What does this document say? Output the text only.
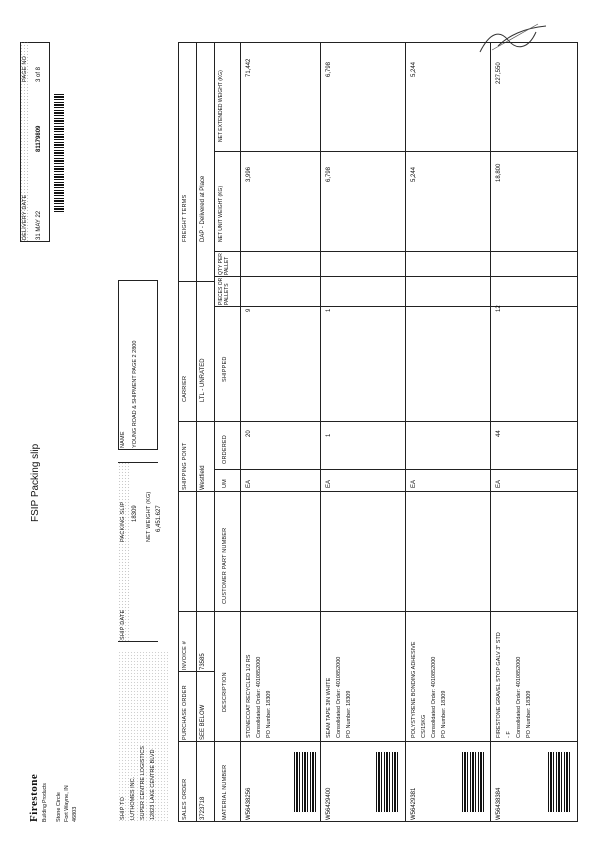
FSIP Packing slip
Firestone Building Products Stone Circle Fort Wayne, IN 46803	SHIP TO LUTHOMES INC. SUPER CENTRE LOGISTICS 12823 LAKE CENTRE BLVD
SHIP DATE
PACKING SLIP 18309 NET WEIGHT (KG) 6,451.627
NAME YOUNG ROAD & SHIPMENT PAGE 2 2800
DELIVERY DATE 31 MAY 22
81179809
PAGE NO 3 of 8
SALES ORDER 3723718
PURCHASE ORDER SEE BELOW
INVOICE # 73585
SHIPPING POINT Westfield
CARRIER LTL - UNRATED
FREIGHT TERMS DAP - Delivered at Place
MATERIAL NUMBER
DESCRIPTION
CUSTOMER PART NUMBER
UM
ORDERED
SHIPPED
PIECES OR PALLETS
QTY PER PALLET
NET UNIT WEIGHT (KG)
NET EXTENDED WEIGHT (KG)
W56438256
STONECOAT RECYCLED 1/2 RS Consolidated Order: 4010852000 PO Number: 18309
EA
20
9
3,996
71,442
W56429400
SEAM TAPE 3IN WHITE Consolidated Order: 4010852000 PO Number: 18309
EA
1
1
6,798
6,798
W56429381
POLYSTYRENE BONDING ADHESIVE CS/15KG Consolidated Order: 4010852000 PO Number: 18309
EA
5,244
5,244
W56438384
FIRESTONE GRAVEL STOP GALV 3" STD - F Consolidated Order: 4010852000 PO Number: 18309
EA
44
12
18,800
227,550
